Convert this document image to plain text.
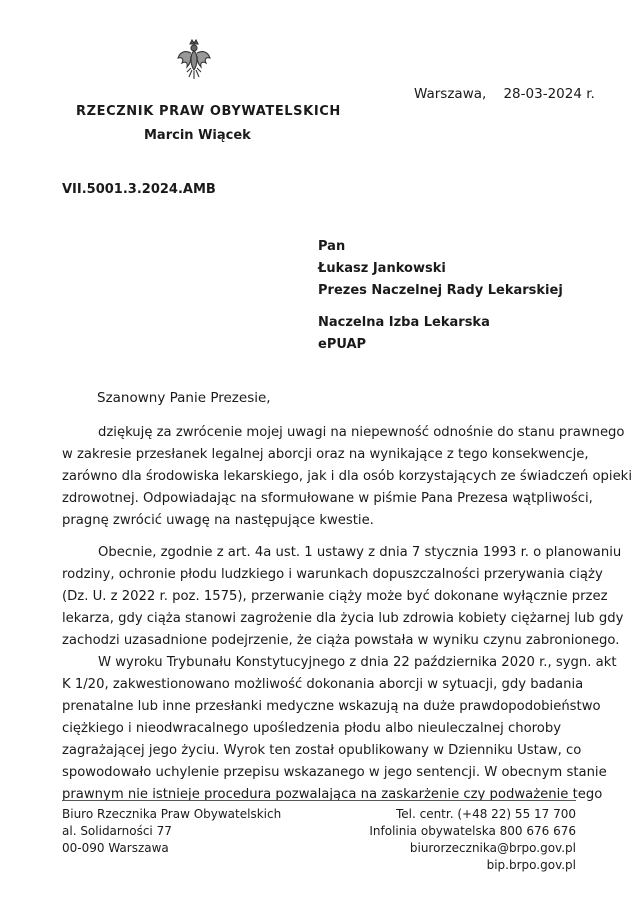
Warszawa,    28-03-2024 r.
RZECZNIK PRAW OBYWATELSKICH
Marcin Wiącek
VII.5001.3.2024.AMB
Pan
Łukasz Jankowski
Prezes Naczelnej Rady Lekarskiej
Naczelna Izba Lekarska
ePUAP
Szanowny Panie Prezesie,

dziękuję za zwrócenie mojej uwagi na niepewność odnośnie do stanu prawnego
w zakresie przesłanek legalnej aborcji oraz na wynikające z tego konsekwencje,
zarówno dla środowiska lekarskiego, jak i dla osób korzystających ze świadczeń opieki
zdrowotnej. Odpowiadając na sformułowane w piśmie Pana Prezesa wątpliwości,
pragnę zwrócić uwagę na następujące kwestie.

Obecnie, zgodnie z art. 4a ust. 1 ustawy z dnia 7 stycznia 1993 r. o planowaniu
rodziny, ochronie płodu ludzkiego i warunkach dopuszczalności przerywania ciąży
(Dz. U. z 2022 r. poz. 1575), przerwanie ciąży może być dokonane wyłącznie przez
lekarza, gdy ciąża stanowi zagrożenie dla życia lub zdrowia kobiety ciężarnej lub gdy
zachodzi uzasadnione podejrzenie, że ciąża powstała w wyniku czynu zabronionego.

W wyroku Trybunału Konstytucyjnego z dnia 22 października 2020 r., sygn. akt
K 1/20, zakwestionowano możliwość dokonania aborcji w sytuacji, gdy badania
prenatalne lub inne przesłanki medyczne wskazują na duże prawdopodobieństwo
ciężkiego i nieodwracalnego upośledzenia płodu albo nieuleczalnej choroby
zagrażającej jego życiu. Wyrok ten został opublikowany w Dzienniku Ustaw, co
spowodowało uchylenie przepisu wskazanego w jego sentencji. W obecnym stanie
prawnym nie istnieje procedura pozwalająca na zaskarżenie czy podważenie tego

Biuro Rzecznika Praw Obywatelskich
al. Solidarności 77
00-090 Warszawa
Tel. centr. (+48 22) 55 17 700
Infolinia obywatelska 800 676 676
biurorzecznika@brpo.gov.pl
bip.brpo.gov.pl
